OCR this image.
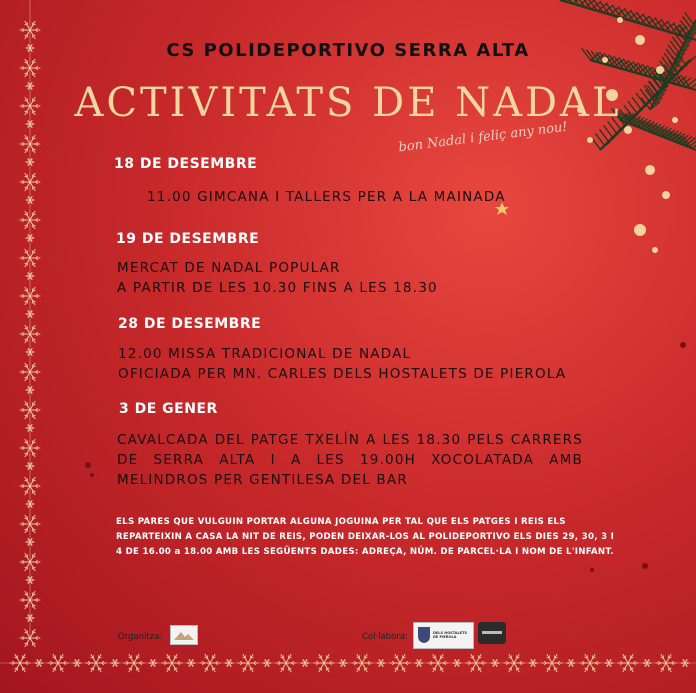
CS POLIDEPORTIVO SERRA ALTA
ACTIVITATS DE NADAL
bon Nadal i feliç any nou!
18 DE DESEMBRE
11.00 GIMCANA I TALLERS PER A LA MAINADA
19 DE DESEMBRE
MERCAT DE NADAL POPULAR
A PARTIR DE LES 10.30 FINS A LES 18.30
28 DE DESEMBRE
12.00 MISSA TRADICIONAL DE NADAL
OFICIADA PER MN. CARLES DELS HOSTALETS DE PIEROLA
3 DE GENER
CAVALCADA DEL PATGE TXELÍN A LES 18.30 PELS CARRERS
DE SERRA ALTA I A LES 19.00H XOCOLATADA AMB
MELINDROS PER GENTILESA DEL BAR
ELS PARES QUE VULGUIN PORTAR ALGUNA JOGUINA PER TAL QUE ELS PATGES I REIS ELS REPARTEIXIN A CASA LA NIT DE REIS, PODEN DEIXAR-LOS AL POLIDEPORTIVO ELS DIES 29, 30, 3 I 4 DE 16.00 a 18.00 AMB LES SEGÜENTS DADES: ADREÇA, NÚM. DE PARCEL·LA I NOM DE L'INFANT.
Organitza:	Col·labora:	DELS HOSTALETS DE PIEROLA
